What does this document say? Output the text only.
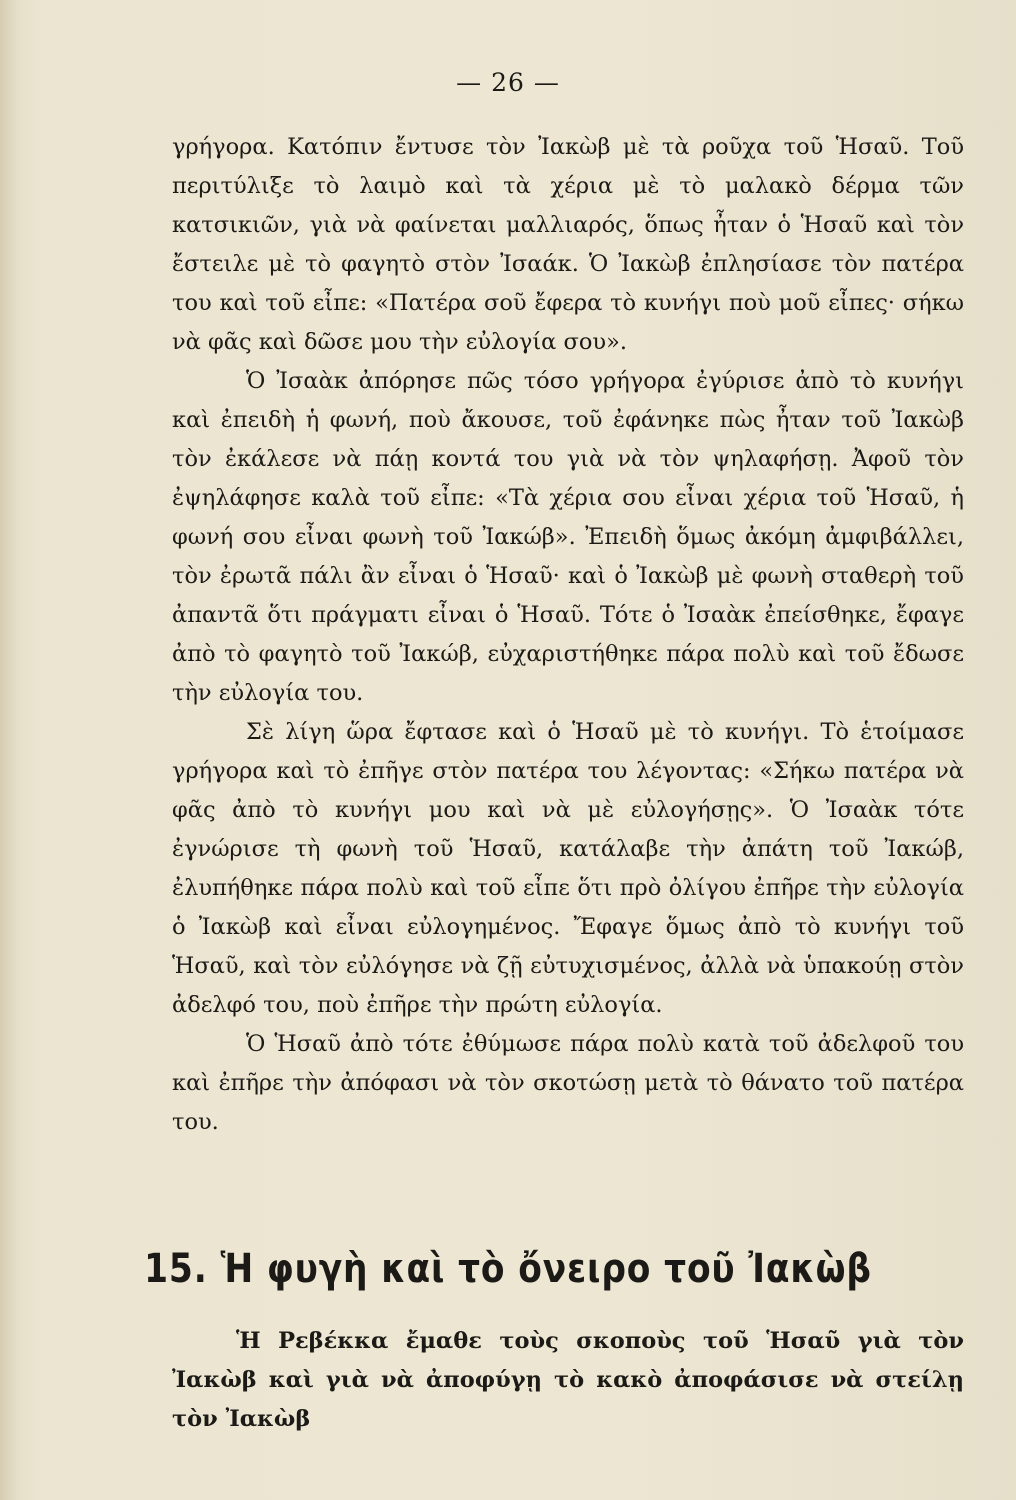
— 26 —

γρήγορα. Κατόπιν ἔντυσε τὸν Ἰακὼβ μὲ τὰ ροῦχα τοῦ Ἡσαῦ. Τοῦ περιτύλιξε τὸ λαιμὸ καὶ τὰ χέρια μὲ τὸ μαλακὸ δέρμα τῶν κατσικιῶν, γιὰ νὰ φαίνεται μαλλιαρός, ὅπως ἦταν ὁ Ἡσαῦ καὶ τὸν ἔστειλε μὲ τὸ φαγητὸ στὸν Ἰσαάκ. Ὁ Ἰακὼβ ἐπλησίασε τὸν πατέρα του καὶ τοῦ εἶπε: «Πατέρα σοῦ ἔφερα τὸ κυνήγι ποὺ μοῦ εἶπες· σήκω νὰ φᾶς καὶ δῶσε μου τὴν εὐλογία σου».

Ὁ Ἰσαὰκ ἀπόρησε πῶς τόσο γρήγορα ἐγύρισε ἀπὸ τὸ κυνήγι καὶ ἐπειδὴ ἡ φωνή, ποὺ ἄκουσε, τοῦ ἐφάνηκε πὼς ἦταν τοῦ Ἰακὼβ τὸν ἐκάλεσε νὰ πάῃ κοντά του γιὰ νὰ τὸν ψηλαφήσῃ. Ἀφοῦ τὸν ἐψηλάφησε καλὰ τοῦ εἶπε: «Τὰ χέρια σου εἶναι χέρια τοῦ Ἡσαῦ, ἡ φωνή σου εἶναι φωνὴ τοῦ Ἰακώβ». Ἐπειδὴ ὅμως ἀκόμη ἀμφιβάλλει, τὸν ἐρωτᾶ πάλι ἂν εἶναι ὁ Ἡσαῦ· καὶ ὁ Ἰακὼβ μὲ φωνὴ σταθερὴ τοῦ ἀπαντᾶ ὅτι πράγματι εἶναι ὁ Ἡσαῦ. Τότε ὁ Ἰσαὰκ ἐπείσθηκε, ἔφαγε ἀπὸ τὸ φαγητὸ τοῦ Ἰακώβ, εὐχαριστήθηκε πάρα πολὺ καὶ τοῦ ἔδωσε τὴν εὐλογία του.

Σὲ λίγη ὥρα ἔφτασε καὶ ὁ Ἡσαῦ μὲ τὸ κυνήγι. Τὸ ἑτοίμασε γρήγορα καὶ τὸ ἐπῆγε στὸν πατέρα του λέγοντας: «Σήκω πατέρα νὰ φᾶς ἀπὸ τὸ κυνήγι μου καὶ νὰ μὲ εὐλογήσῃς». Ὁ Ἰσαὰκ τότε ἐγνώρισε τὴ φωνὴ τοῦ Ἡσαῦ, κατάλαβε τὴν ἀπάτη τοῦ Ἰακώβ, ἐλυπήθηκε πάρα πολὺ καὶ τοῦ εἶπε ὅτι πρὸ ὀλίγου ἐπῆρε τὴν εὐλογία ὁ Ἰακὼβ καὶ εἶναι εὐλογημένος. Ἔφαγε ὅμως ἀπὸ τὸ κυνήγι τοῦ Ἡσαῦ, καὶ τὸν εὐλόγησε νὰ ζῇ εὐτυχισμένος, ἀλλὰ νὰ ὑπακούῃ στὸν ἀδελφό του, ποὺ ἐπῆρε τὴν πρώτη εὐλογία.

Ὁ Ἡσαῦ ἀπὸ τότε ἐθύμωσε πάρα πολὺ κατὰ τοῦ ἀδελφοῦ του καὶ ἐπῆρε τὴν ἀπόφασι νὰ τὸν σκοτώσῃ μετὰ τὸ θάνατο τοῦ πατέρα του.

15. Ἡ φυγὴ καὶ τὸ ὄνειρο τοῦ Ἰακὼβ

Ἡ Ρεβέκκα ἔμαθε τοὺς σκοποὺς τοῦ Ἡσαῦ γιὰ τὸν Ἰακὼβ καὶ γιὰ νὰ ἀποφύγῃ τὸ κακὸ ἀποφάσισε νὰ στείλῃ τὸν Ἰακὼβ
